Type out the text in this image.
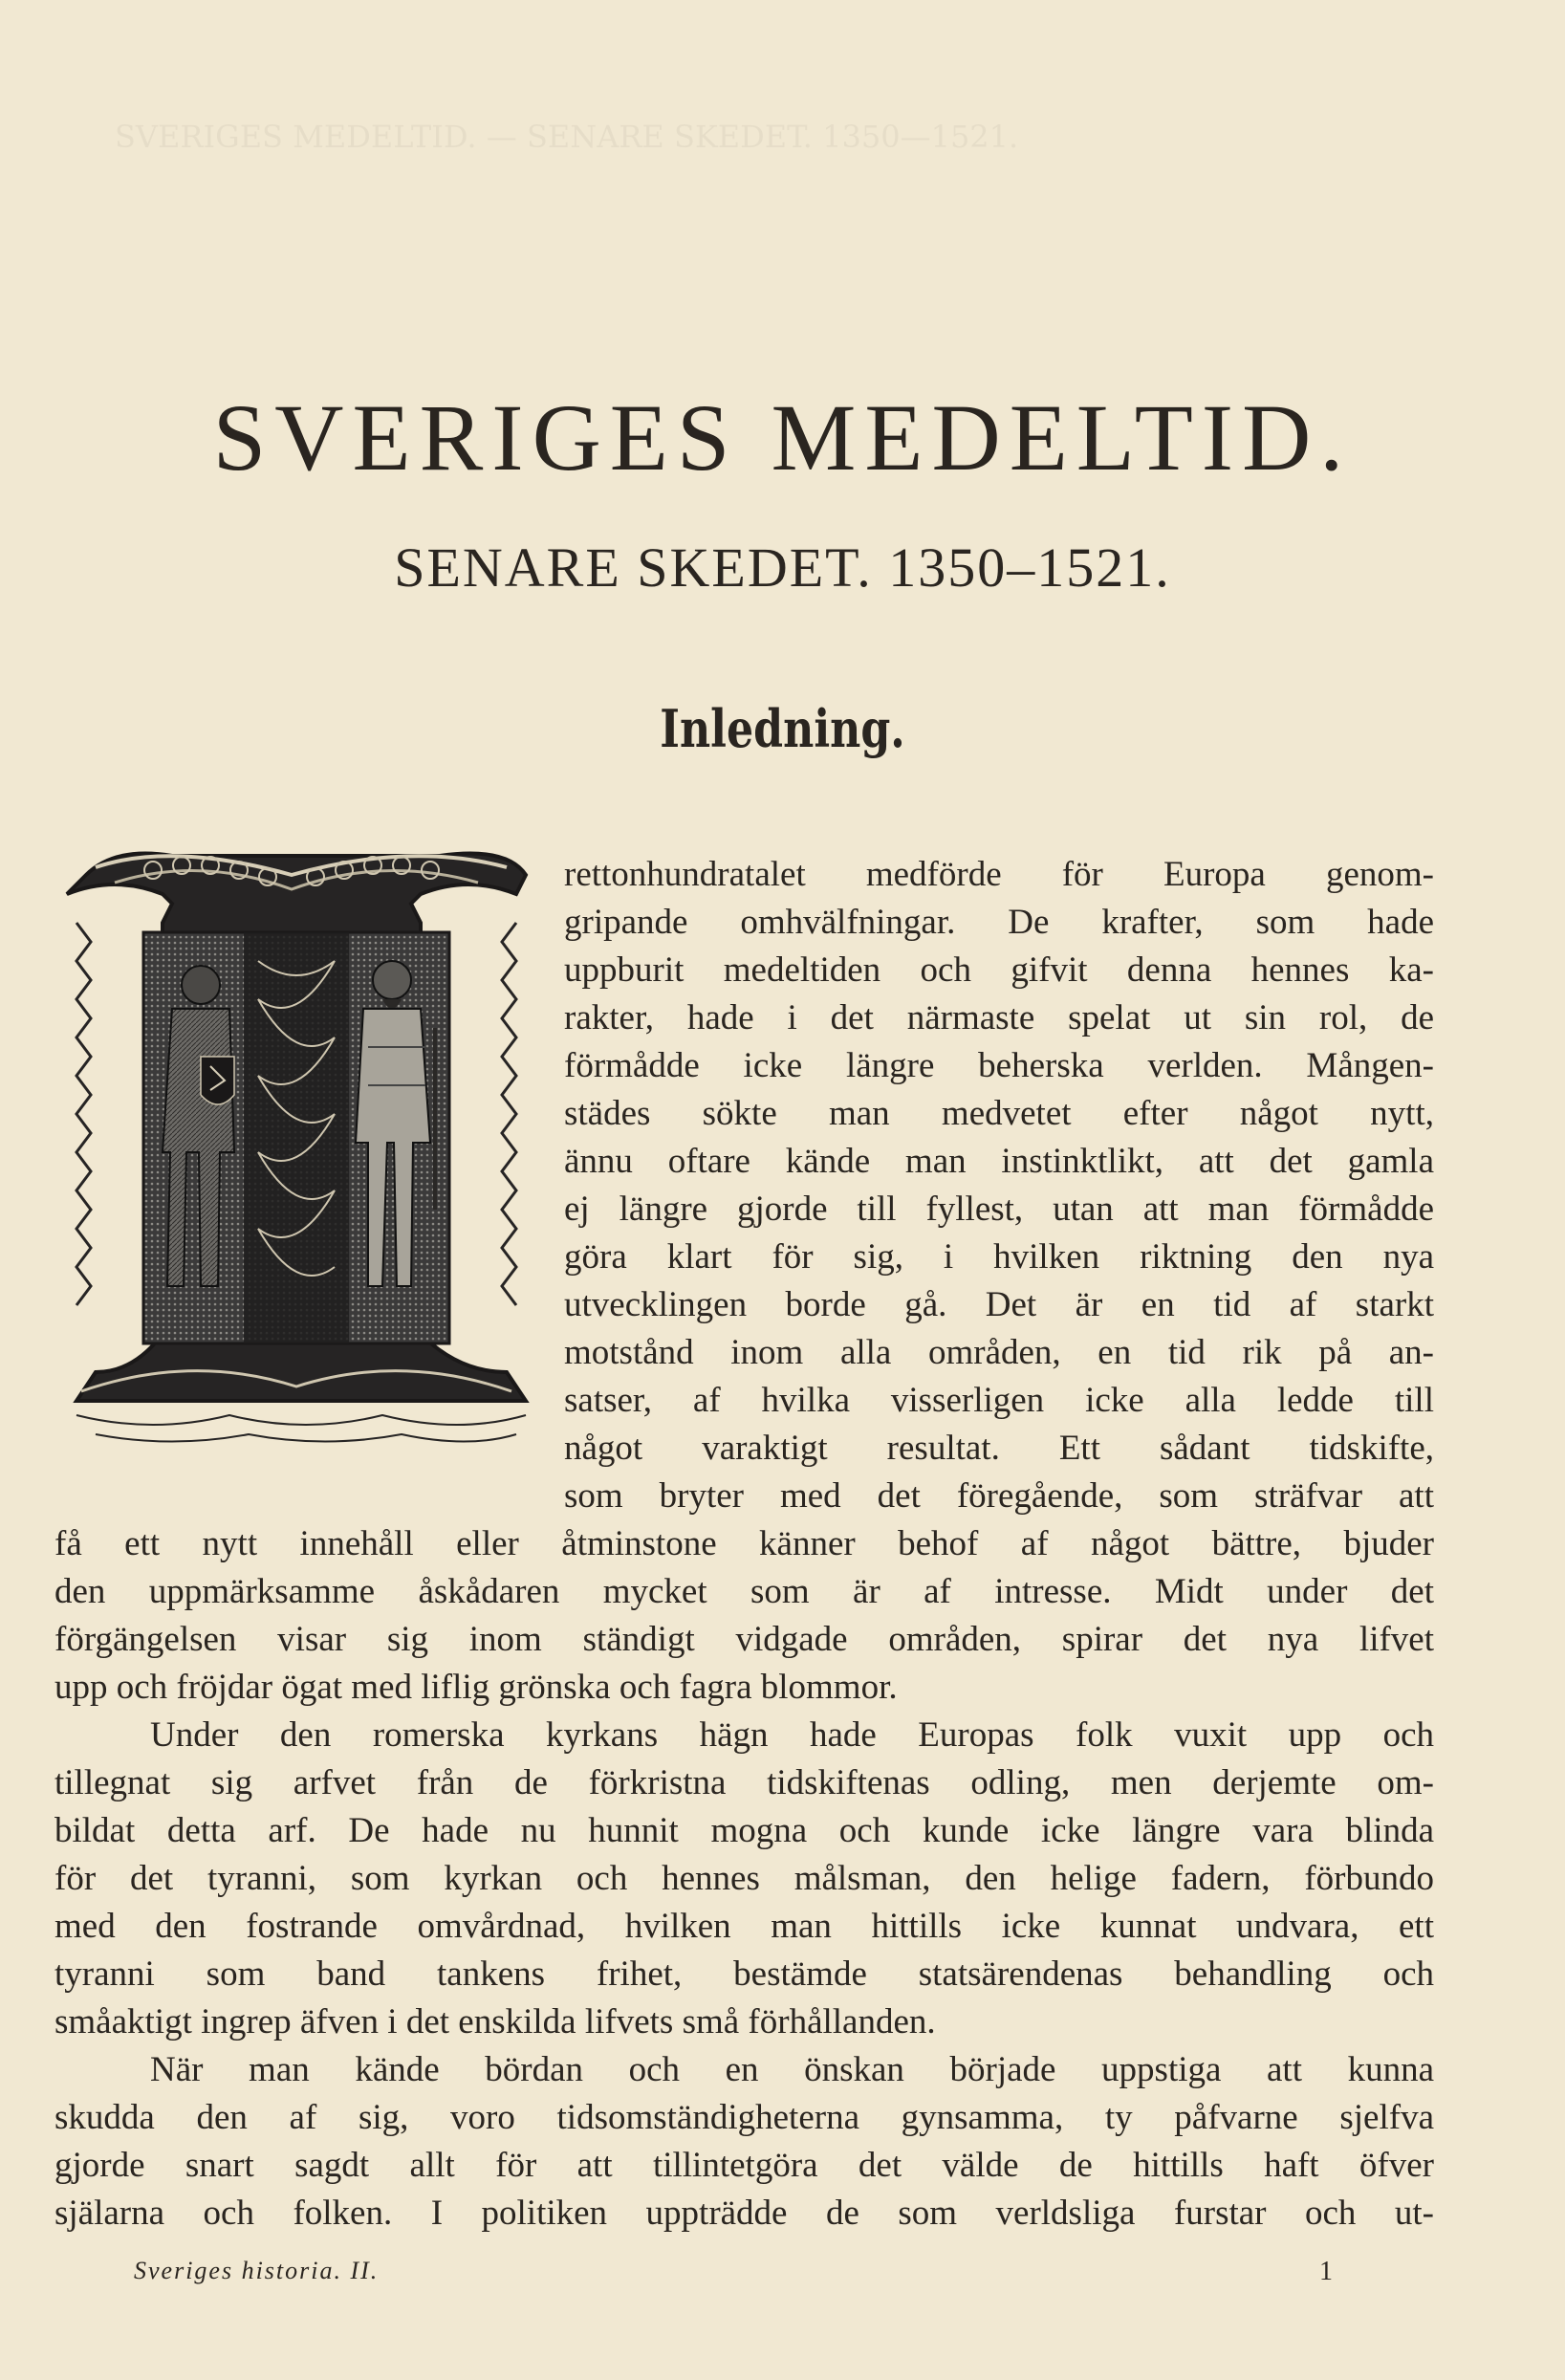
SVERIGES MEDELTID. — SENARE SKEDET. 1350—1521.
SVERIGES MEDELTID.
SENARE SKEDET. 1350–1521.
Inledning.
rettonhundratalet medförde för Europa genom-
gripande omhvälfningar. De krafter, som hade
uppburit medeltiden och gifvit denna hennes ka-
rakter, hade i det närmaste spelat ut sin rol, de
förmådde icke längre beherska verlden. Mången-
städes sökte man medvetet efter något nytt,
ännu oftare kände man instinktlikt, att det gamla
ej längre gjorde till fyllest, utan att man förmådde
göra klart för sig, i hvilken riktning den nya
utvecklingen borde gå. Det är en tid af starkt
motstånd inom alla områden, en tid rik på an-
satser, af hvilka visserligen icke alla ledde till
något varaktigt resultat. Ett sådant tidskifte,
som bryter med det föregående, som sträfvar att
få ett nytt innehåll eller åtminstone känner behof af något bättre, bjuder
den uppmärksamme åskådaren mycket som är af intresse. Midt under det
förgängelsen visar sig inom ständigt vidgade områden, spirar det nya lifvet
upp och fröjdar ögat med liflig grönska och fagra blommor.
Under den romerska kyrkans hägn hade Europas folk vuxit upp och
tillegnat sig arfvet från de förkristna tidskiftenas odling, men derjemte om-
bildat detta arf. De hade nu hunnit mogna och kunde icke längre vara blinda
för det tyranni, som kyrkan och hennes målsman, den helige fadern, förbundo
med den fostrande omvårdnad, hvilken man hittills icke kunnat undvara, ett
tyranni som band tankens frihet, bestämde statsärendenas behandling och
småaktigt ingrep äfven i det enskilda lifvets små förhållanden.
När man kände bördan och en önskan började uppstiga att kunna
skudda den af sig, voro tidsomständigheterna gynsamma, ty påfvarne sjelfva
gjorde snart sagdt allt för att tillintetgöra det välde de hittills haft öfver
själarna och folken. I politiken uppträdde de som verldsliga furstar och ut-
Sveriges historia. II.	1
